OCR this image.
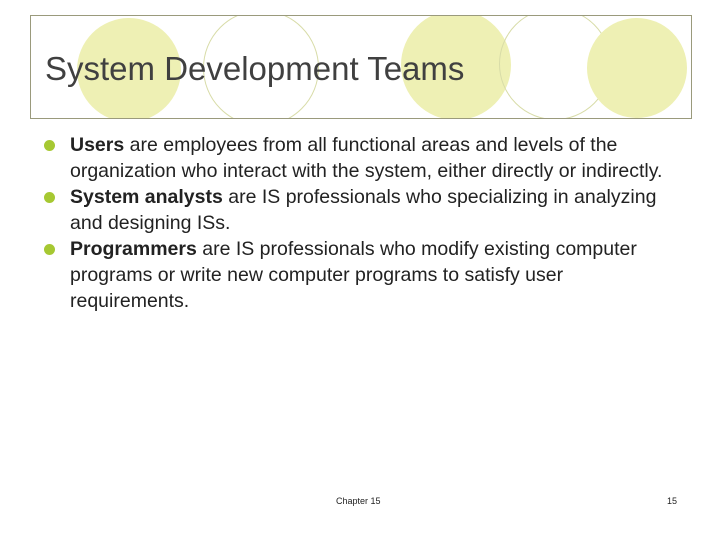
System Development Teams
Users are employees from all functional areas and levels of the organization who interact with the system, either directly or indirectly.
System analysts are IS professionals who specializing in analyzing and designing ISs.
Programmers are IS professionals who modify existing computer programs or write new computer programs to satisfy user requirements.
Chapter 15	15
